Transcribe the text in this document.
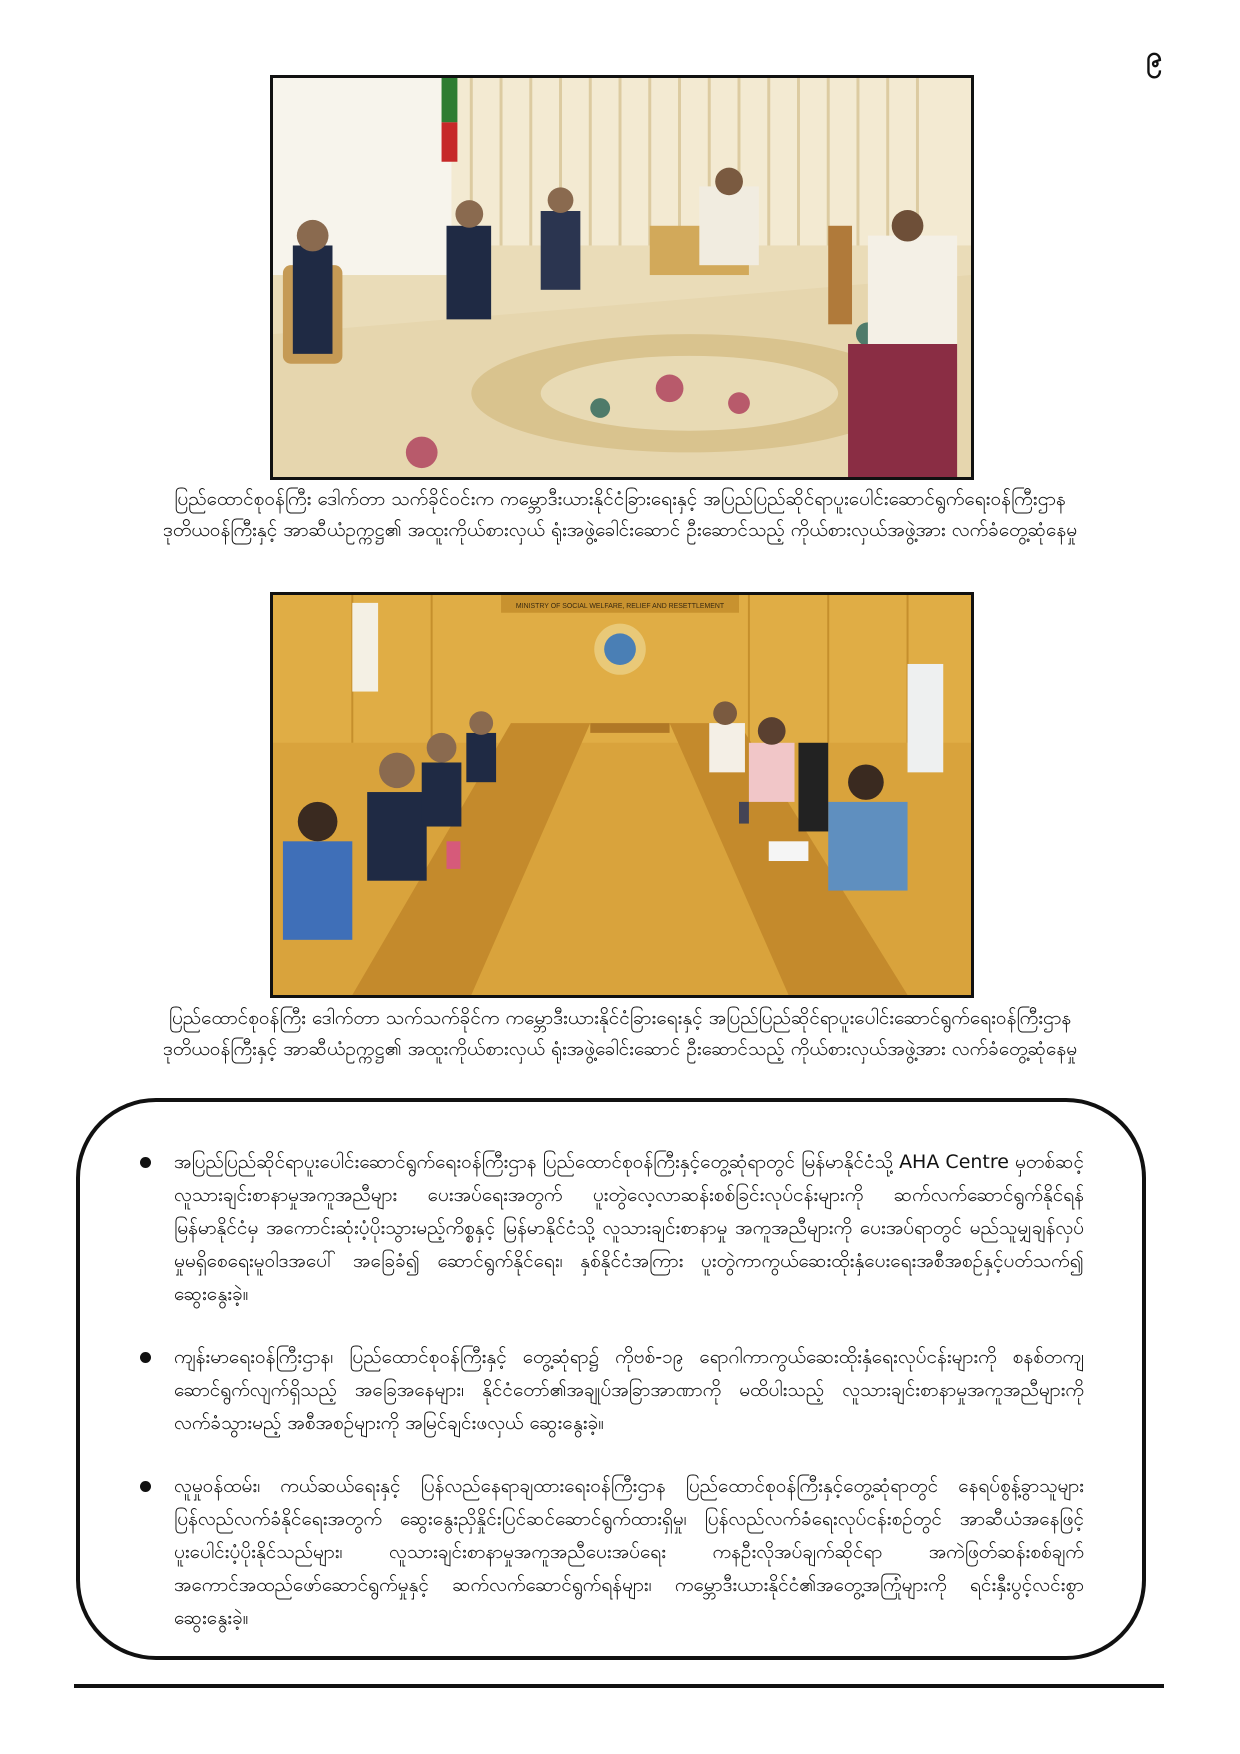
၉
ပြည်ထောင်စုဝန်ကြီး ဒေါက်တာ သက်ခိုင်ဝင်းက ကမ္ဘောဒီးယားနိုင်ငံခြားရေးနှင့် အပြည်ပြည်ဆိုင်ရာပူးပေါင်းဆောင်ရွက်ရေးဝန်ကြီးဌာန
ဒုတိယဝန်ကြီးနှင့် အာဆီယံဥက္ကဋ္ဌ၏ အထူးကိုယ်စားလှယ် ရုံးအဖွဲ့ခေါင်းဆောင် ဦးဆောင်သည့် ကိုယ်စားလှယ်အဖွဲ့အား လက်ခံတွေ့ဆုံနေမှု
MINISTRY OF SOCIAL WELFARE, RELIEF AND RESETTLEMENT
ပြည်ထောင်စုဝန်ကြီး ဒေါက်တာ သက်သက်ခိုင်က ကမ္ဘောဒီးယားနိုင်ငံခြားရေးနှင့် အပြည်ပြည်ဆိုင်ရာပူးပေါင်းဆောင်ရွက်ရေးဝန်ကြီးဌာန
ဒုတိယဝန်ကြီးနှင့် အာဆီယံဥက္ကဋ္ဌ၏ အထူးကိုယ်စားလှယ် ရုံးအဖွဲ့ခေါင်းဆောင် ဦးဆောင်သည့် ကိုယ်စားလှယ်အဖွဲ့အား လက်ခံတွေ့ဆုံနေမှု
အပြည်ပြည်ဆိုင်ရာပူးပေါင်းဆောင်ရွက်ရေးဝန်ကြီးဌာန ပြည်ထောင်စုဝန်ကြီးနှင့်တွေ့ဆုံရာတွင် မြန်မာနိုင်ငံသို့ AHA Centre မှတစ်ဆင့် လူသားချင်းစာနာမှုအကူအညီများ ပေးအပ်ရေးအတွက် ပူးတွဲလေ့လာဆန်းစစ်ခြင်းလုပ်ငန်းများကို ဆက်လက်ဆောင်ရွက်နိုင်ရန် မြန်မာနိုင်ငံမှ အကောင်းဆုံးပံ့ပိုးသွားမည့်ကိစ္စနှင့် မြန်မာနိုင်ငံသို့ လူသားချင်းစာနာမှု အကူအညီများကို ပေးအပ်ရာတွင် မည်သူမျှချန်လှပ်မှုမရှိစေရေးမူဝါဒအပေါ် အခြေခံ၍ ဆောင်ရွက်နိုင်ရေး၊ နှစ်နိုင်ငံအကြား ပူးတွဲကာကွယ်ဆေးထိုးနှံပေးရေးအစီအစဉ်နှင့်ပတ်သက်၍ ဆွေးနွေးခဲ့။
ကျန်းမာရေးဝန်ကြီးဌာန၊ ပြည်ထောင်စုဝန်ကြီးနှင့် တွေ့ဆုံရာ၌ ကိုဗစ်-၁၉ ရောဂါကာကွယ်ဆေးထိုးနှံရေးလုပ်ငန်းများကို စနစ်တကျဆောင်ရွက်လျက်ရှိသည့် အခြေအနေများ၊ နိုင်ငံတော်၏အချုပ်အခြာအာဏာကို မထိပါးသည့် လူသားချင်းစာနာမှုအကူအညီများကို လက်ခံသွားမည့် အစီအစဉ်များကို အမြင်ချင်းဖလှယ် ဆွေးနွေးခဲ့။
လူမှုဝန်ထမ်း၊ ကယ်ဆယ်ရေးနှင့် ပြန်လည်နေရာချထားရေးဝန်ကြီးဌာန ပြည်ထောင်စုဝန်ကြီးနှင့်တွေ့ဆုံရာတွင် နေရပ်စွန့်ခွာသူများ ပြန်လည်လက်ခံနိုင်ရေးအတွက် ဆွေးနွေးညှိနှိုင်းပြင်ဆင်ဆောင်ရွက်ထားရှိမှု၊ ပြန်လည်လက်ခံရေးလုပ်ငန်းစဉ်တွင် အာဆီယံအနေဖြင့် ပူးပေါင်းပံ့ပိုးနိုင်သည်များ၊ လူသားချင်းစာနာမှုအကူအညီပေးအပ်ရေး ကနဦးလိုအပ်ချက်ဆိုင်ရာ အကဲဖြတ်ဆန်းစစ်ချက် အကောင်အထည်ဖော်ဆောင်ရွက်မှုနှင့် ဆက်လက်ဆောင်ရွက်ရန်များ၊ ကမ္ဘောဒီးယားနိုင်ငံ၏အတွေ့အကြုံများကို ရင်းနှီးပွင့်လင်းစွာဆွေးနွေးခဲ့။
